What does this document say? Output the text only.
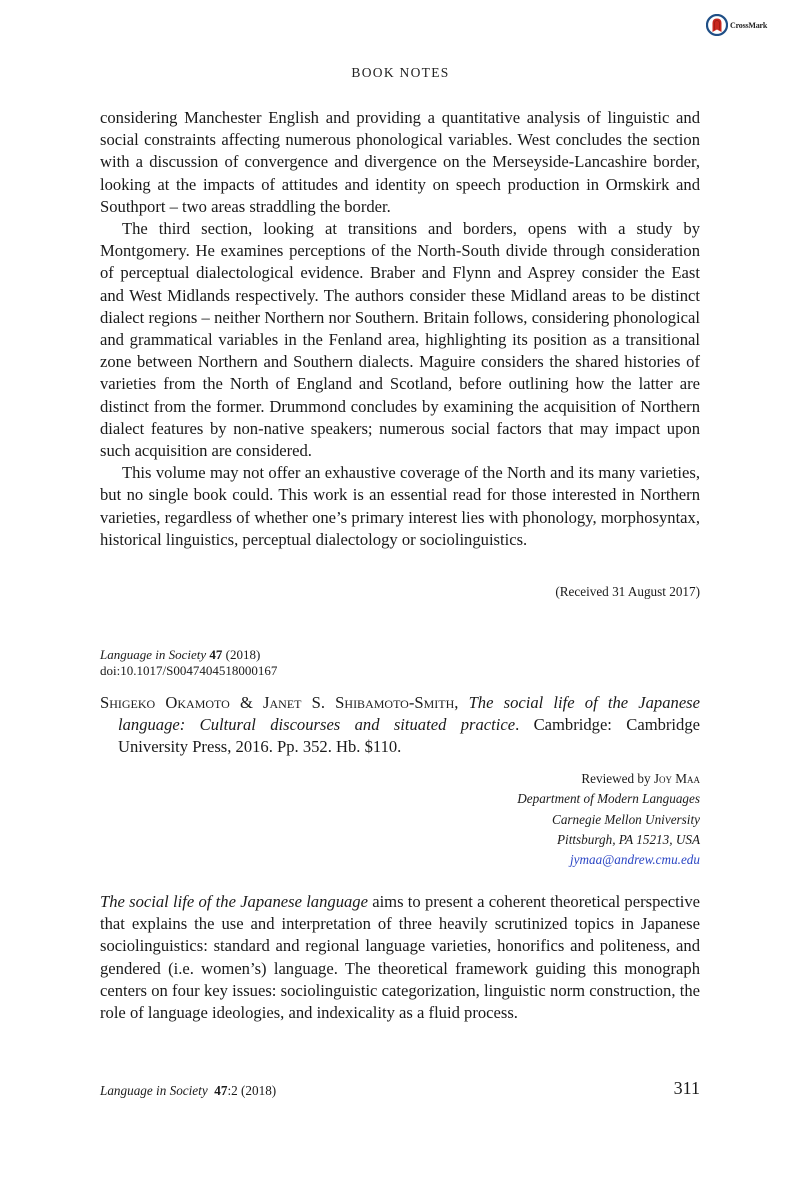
CrossMark
BOOK NOTES

considering Manchester English and providing a quantitative analysis of linguistic and social constraints affecting numerous phonological variables. West concludes the section with a discussion of convergence and divergence on the Merseyside-Lancashire border, looking at the impacts of attitudes and identity on speech production in Ormskirk and Southport – two areas straddling the border.

The third section, looking at transitions and borders, opens with a study by Montgomery. He examines perceptions of the North-South divide through consideration of perceptual dialectological evidence. Braber and Flynn and Asprey consider the East and West Midlands respectively. The authors consider these Midland areas to be distinct dialect regions – neither Northern nor Southern. Britain follows, considering phonological and grammatical variables in the Fenland area, highlighting its position as a transitional zone between Northern and Southern dialects. Maguire considers the shared histories of varieties from the North of England and Scotland, before outlining how the latter are distinct from the former. Drummond concludes by examining the acquisition of Northern dialect features by non-native speakers; numerous social factors that may impact upon such acquisition are considered.

This volume may not offer an exhaustive coverage of the North and its many varieties, but no single book could. This work is an essential read for those interested in Northern varieties, regardless of whether one’s primary interest lies with phonology, morphosyntax, historical linguistics, perceptual dialectology or sociolinguistics.

(Received 31 August 2017)
Language in Society 47 (2018)
doi:10.1017/S0047404518000167
Shigeko Okamoto & Janet S. Shibamoto-Smith, The social life of the Japanese language: Cultural discourses and situated practice. Cambridge: Cambridge University Press, 2016. Pp. 352. Hb. $110.
Reviewed by Joy Maa
Department of Modern Languages
Carnegie Mellon University
Pittsburgh, PA 15213, USA
jymaa@andrew.cmu.edu

The social life of the Japanese language aims to present a coherent theoretical perspective that explains the use and interpretation of three heavily scrutinized topics in Japanese sociolinguistics: standard and regional language varieties, honorifics and politeness, and gendered (i.e. women’s) language. The theoretical framework guiding this monograph centers on four key issues: sociolinguistic categorization, linguistic norm construction, the role of language ideologies, and indexicality as a fluid process.

Language in Society 47:2 (2018)	311
